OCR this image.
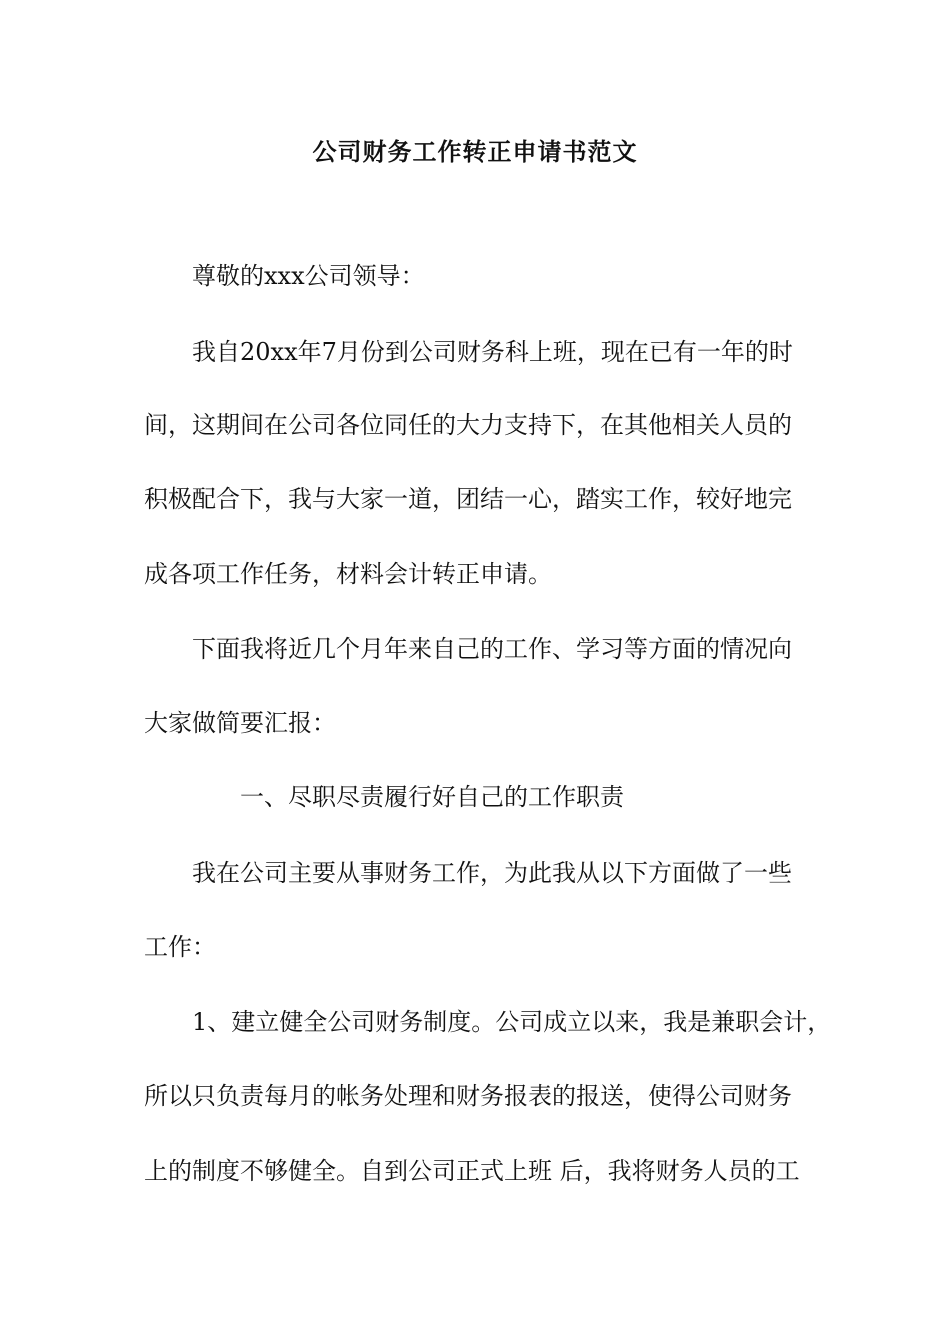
公司财务工作转正申请书范文
尊敬的xxx公司领导：
我自20xx年7月份到公司财务科上班，现在已有一年的时
间，这期间在公司各位同任的大力支持下，在其他相关人员的
积极配合下，我与大家一道，团结一心，踏实工作，较好地完
成各项工作任务，材料会计转正申请。
下面我将近几个月年来自己的工作、学习等方面的情况向
大家做简要汇报：
一、尽职尽责履行好自己的工作职责
我在公司主要从事财务工作，为此我从以下方面做了一些
工作：
1、建立健全公司财务制度。公司成立以来，我是兼职会计，
所以只负责每月的帐务处理和财务报表的报送，使得公司财务
上的制度不够健全。自到公司正式上班 后，我将财务人员的工
